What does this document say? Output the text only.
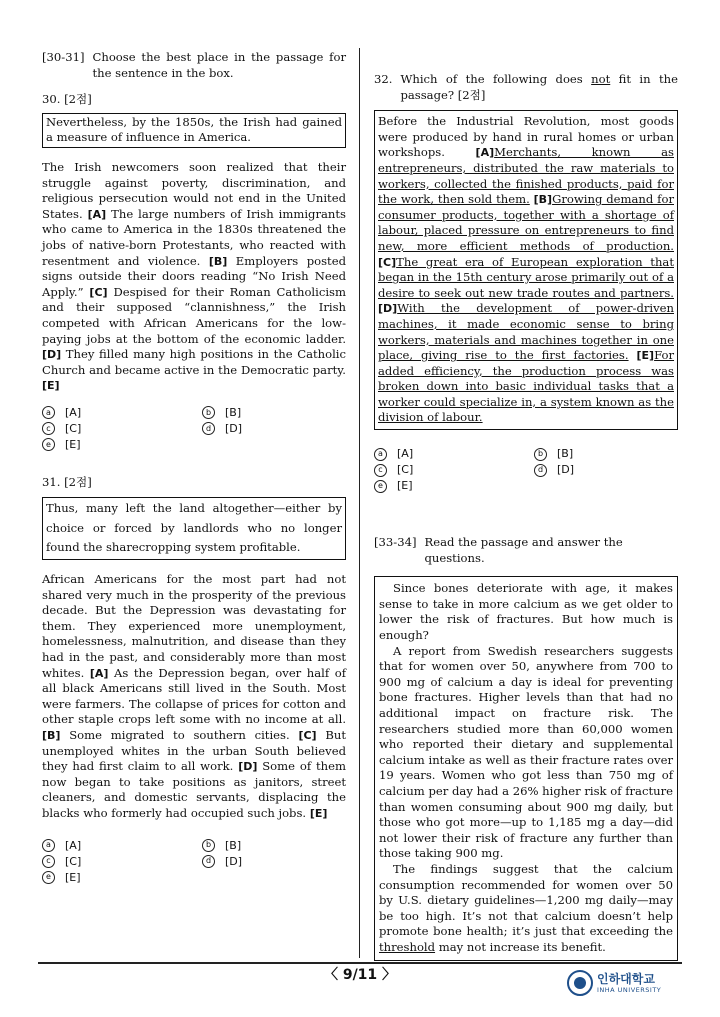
[30-31] Choose the best place in the passage for the sentence in the box.

30. [2점]

Nevertheless, by the 1850s, the Irish had gained a measure of influence in America.

The Irish newcomers soon realized that their struggle against poverty, discrimination, and religious persecution would not end in the United States. [A] The large numbers of Irish immigrants who came to America in the 1830s threatened the jobs of native-born Protestants, who reacted with resentment and violence. [B] Employers posted signs outside their doors reading “No Irish Need Apply.” [C] Despised for their Roman Catholicism and their supposed “clannishness,” the Irish competed with African Americans for the low-paying jobs at the bottom of the economic ladder. [D] They filled many high positions in the Catholic Church and became active in the Democratic party. [E]

a	[A]	b	[B]
c	[C]	d	[D]
e	[E]

31. [2점]

Thus, many left the land altogether—either by choice or forced by landlords who no longer found the sharecropping system profitable.

African Americans for the most part had not shared very much in the prosperity of the previous decade. But the Depression was devastating for them. They experienced more unemployment, homelessness, malnutrition, and disease than they had in the past, and considerably more than most whites. [A] As the Depression began, over half of all black Americans still lived in the South. Most were farmers. The collapse of prices for cotton and other staple crops left some with no income at all. [B] Some migrated to southern cities. [C] But unemployed whites in the urban South believed they had first claim to all work. [D] Some of them now began to take positions as janitors, street cleaners, and domestic servants, displacing the blacks who formerly had occupied such jobs. [E]

a	[A]	b	[B]
c	[C]	d	[D]
e	[E]
32. Which of the following does not fit in the passage? [2점]

Before the Industrial Revolution, most goods were produced by hand in rural homes or urban workshops. [A]Merchants, known as entrepreneurs, distributed the raw materials to workers, collected the finished products, paid for the work, then sold them. [B]Growing demand for consumer products, together with a shortage of labour, placed pressure on entrepreneurs to find new, more efficient methods of production. [C]The great era of European exploration that began in the 15th century arose primarily out of a desire to seek out new trade routes and partners. [D]With the development of power-driven machines, it made economic sense to bring workers, materials and machines together in one place, giving rise to the first factories. [E]For added efficiency, the production process was broken down into basic individual tasks that a worker could specialize in, a system known as the division of labour.

a	[A]	b	[B]
c	[C]	d	[D]
e	[E]
[33-34] Read the passage and answer the questions.

Since bones deteriorate with age, it makes sense to take in more calcium as we get older to lower the risk of fractures. But how much is enough?

A report from Swedish researchers suggests that for women over 50, anywhere from 700 to 900 mg of calcium a day is ideal for preventing bone fractures. Higher levels than that had no additional impact on fracture risk. The researchers studied more than 60,000 women who reported their dietary and supplemental calcium intake as well as their fracture rates over 19 years. Women who got less than 750 mg of calcium per day had a 26% higher risk of fracture than women consuming about 900 mg daily, but those who got more—up to 1,185 mg a day—did not lower their risk of fracture any further than those taking 900 mg.

The findings suggest that the calcium consumption recommended for women over 50 by U.S. dietary guidelines—1,200 mg daily—may be too high. It’s not that calcium doesn’t help promote bone health; it’s just that exceeding the threshold may not increase its benefit.

〈 9/11 〉	인하대학교
INHA UNIVERSITY
